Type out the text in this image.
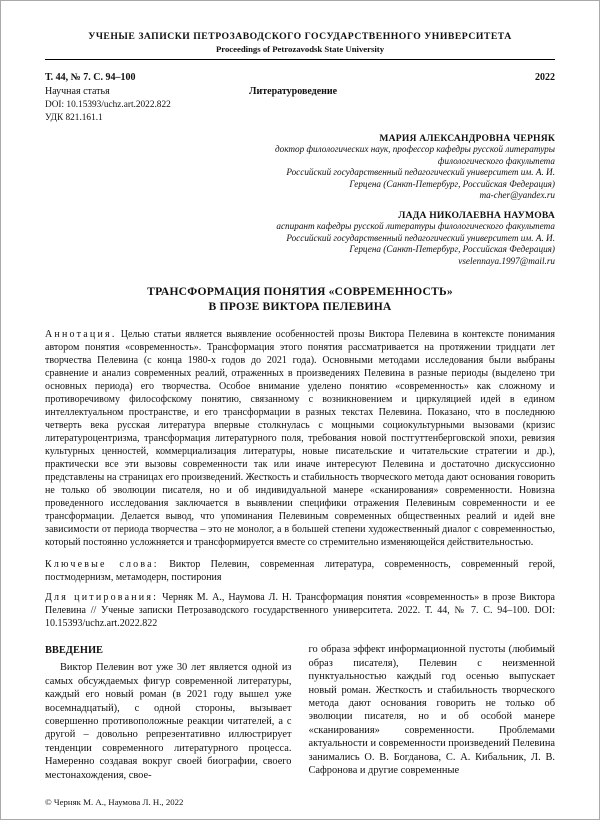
УЧЕНЫЕ ЗАПИСКИ ПЕТРОЗАВОДСКОГО ГОСУДАРСТВЕННОГО УНИВЕРСИТЕТА
Proceedings of Petrozavodsk State University
Т. 44, № 7. С. 94–100	2022
Научная статья	Литературоведение
DOI: 10.15393/uchz.art.2022.822
УДК 821.161.1
МАРИЯ АЛЕКСАНДРОВНА ЧЕРНЯК
доктор филологических наук, профессор кафедры русской литературы филологического факультета
Российский государственный педагогический университет им. А. И. Герцена (Санкт-Петербург, Российская Федерация)
ma-cher@yandex.ru
ЛАДА НИКОЛАЕВНА НАУМОВА
аспирант кафедры русской литературы филологического факультета
Российский государственный педагогический университет им. А. И. Герцена (Санкт-Петербург, Российская Федерация)
vselennaya.1997@mail.ru
ТРАНСФОРМАЦИЯ ПОНЯТИЯ «СОВРЕМЕННОСТЬ»
В ПРОЗЕ ВИКТОРА ПЕЛЕВИНА

Аннотация. Целью статьи является выявление особенностей прозы Виктора Пелевина в контексте понимания автором понятия «современность». Трансформация этого понятия рассматривается на протяжении тридцати лет творчества Пелевина (с конца 1980-х годов до 2021 года). Основными методами исследования были выбраны сравнение и анализ современных реалий, отраженных в произведениях Пелевина в разные периоды (выделено три основных периода) его творчества. Особое внимание уделено понятию «современность» как сложному и противоречивому философскому понятию, связанному с возникновением и циркуляцией идей в едином интеллектуальном пространстве, и его трансформации в разных текстах Пелевина. Показано, что в последнюю четверть века русская литература впервые столкнулась с мощными социокультурными вызовами (кризис литературоцентризма, трансформация литературного поля, требования новой постгуттенберговской эпохи, ревизия культурных ценностей, коммерциализация литературы, новые писательские и читательские стратегии и др.), практически все эти вызовы современности так или иначе интересуют Пелевина и достаточно дискуссионно представлены на страницах его произведений. Жесткость и стабильность творческого метода дают основания говорить не только об эволюции писателя, но и об индивидуальной манере «сканирования» современности. Новизна проведенного исследования заключается в выявлении специфики отражения Пелевиным современности и ее трансформации. Делается вывод, что упоминания Пелевиным современных общественных реалий и идей вне зависимости от периода творчества – это не монолог, а в большей степени художественный диалог с современностью, который постоянно усложняется и трансформируется вместе со стремительно изменяющейся действительностью.

Ключевые слова: Виктор Пелевин, современная литература, современность, современный герой, постмодернизм, метамодерн, постирония

Для цитирования: Черняк М. А., Наумова Л. Н. Трансформация понятия «современность» в прозе Виктора Пелевина // Ученые записки Петрозаводского государственного университета. 2022. Т. 44, № 7. С. 94–100. DOI: 10.15393/uchz.art.2022.822

ВВЕДЕНИЕ

Виктор Пелевин вот уже 30 лет является одной из самых обсуждаемых фигур современной литературы, каждый его новый роман (в 2021 году вышел уже восемнадцатый), с одной стороны, вызывает совершенно противоположные реакции читателей, а с другой – довольно репрезентативно иллюстрирует тенденции современного литературного процесса. Намеренно создавая вокруг своей биографии, своего местонахождения, свое-

го образа эффект информационной пустоты (любимый образ писателя), Пелевин с неизменной пунктуальностью каждый год осенью выпускает новый роман. Жесткость и стабильность творческого метода дают основания говорить не только об эволюции писателя, но и об особой манере «сканирования» современности. Проблемами актуальности и современности произведений Пелевина занимались О. В. Богданова, С. А. Кибальник, Л. В. Сафронова и другие современные

© Черняк М. А., Наумова Л. Н., 2022
